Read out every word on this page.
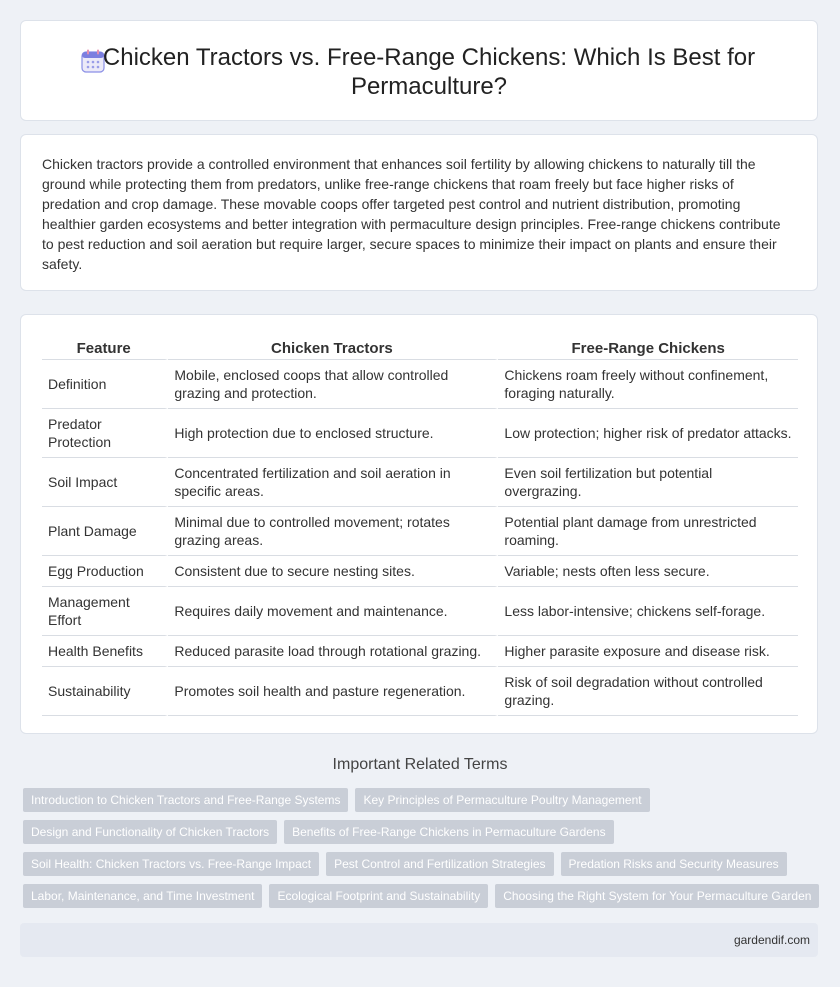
Chicken Tractors vs. Free-Range Chickens: Which Is Best for Permaculture?

Chicken tractors provide a controlled environment that enhances soil fertility by allowing chickens to naturally till the ground while protecting them from predators, unlike free-range chickens that roam freely but face higher risks of predation and crop damage. These movable coops offer targeted pest control and nutrient distribution, promoting healthier garden ecosystems and better integration with permaculture design principles. Free-range chickens contribute to pest reduction and soil aeration but require larger, secure spaces to minimize their impact on plants and ensure their safety.

Feature	Chicken Tractors	Free-Range Chickens
Definition	Mobile, enclosed coops that allow controlled grazing and protection.	Chickens roam freely without confinement, foraging naturally.
Predator Protection	High protection due to enclosed structure.	Low protection; higher risk of predator attacks.
Soil Impact	Concentrated fertilization and soil aeration in specific areas.	Even soil fertilization but potential overgrazing.
Plant Damage	Minimal due to controlled movement; rotates grazing areas.	Potential plant damage from unrestricted roaming.
Egg Production	Consistent due to secure nesting sites.	Variable; nests often less secure.
Management Effort	Requires daily movement and maintenance.	Less labor-intensive; chickens self-forage.
Health Benefits	Reduced parasite load through rotational grazing.	Higher parasite exposure and disease risk.
Sustainability	Promotes soil health and pasture regeneration.	Risk of soil degradation without controlled grazing.
Important Related Terms
Introduction to Chicken Tractors and Free-Range Systems	Key Principles of Permaculture Poultry Management
Design and Functionality of Chicken Tractors	Benefits of Free-Range Chickens in Permaculture Gardens
Soil Health: Chicken Tractors vs. Free-Range Impact	Pest Control and Fertilization Strategies	Predation Risks and Security Measures
Labor, Maintenance, and Time Investment	Ecological Footprint and Sustainability	Choosing the Right System for Your Permaculture Garden
gardendif.com
